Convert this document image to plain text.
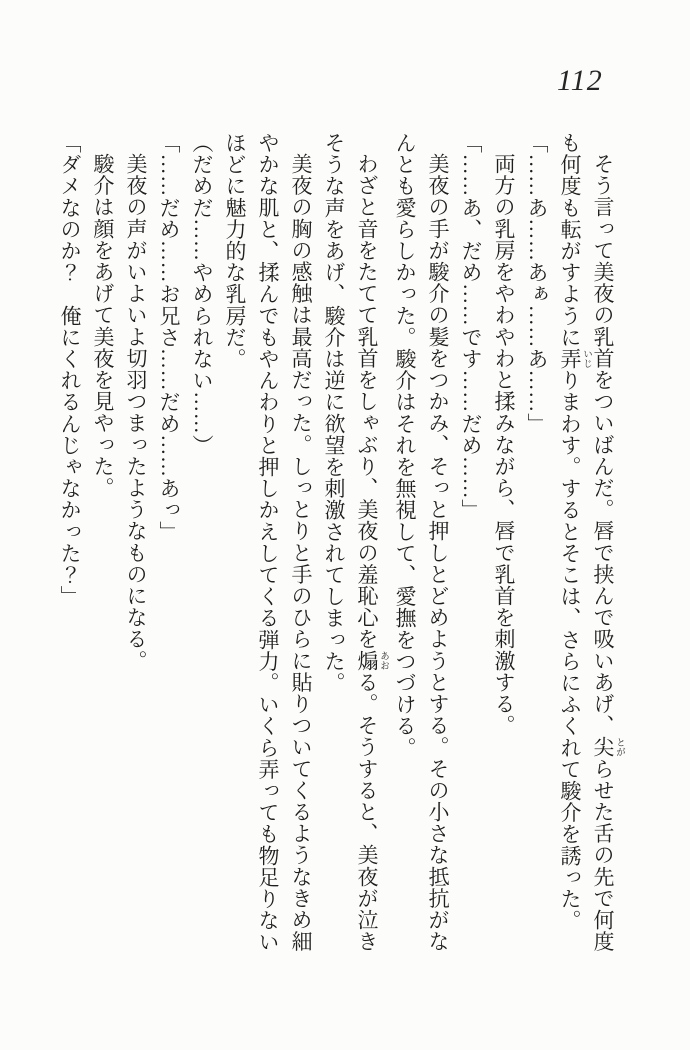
112

そう言って美夜の乳首をついばんだ。唇で挟んで吸いあげ、尖 とがらせた舌の先で何度も何度も転がすように弄 いじりまわす。するとそこは、さらにふくれて駿介を誘った。

「……あ……あぁ……あ……」

両方の乳房をやわやわと揉みながら、唇で乳首を刺激する。

「……あ、だめ……です……だめ……」

美夜の手が駿介の髪をつかみ、そっと押しとどめようとする。その小さな抵抗がなんとも愛らしかった。駿介はそれを無視して、愛撫をつづける。

わざと音をたてて乳首をしゃぶり、美夜の羞恥心を煽 あおる。そうすると、美夜が泣きそうな声をあげ、駿介は逆に欲望を刺激されてしまった。

美夜の胸の感触は最高だった。しっとりと手のひらに貼りついてくるようなきめ細やかな肌と、揉んでもやんわりと押しかえしてくる弾力。いくら弄っても物足りないほどに魅力的な乳房だ。

（だめだ……やめられない……）

「……だめ……お兄さ……だめ……あっ」

美夜の声がいよいよ切羽つまったようなものになる。

駿介は顔をあげて美夜を見やった。

「ダメなのか？　俺にくれるんじゃなかった？」
